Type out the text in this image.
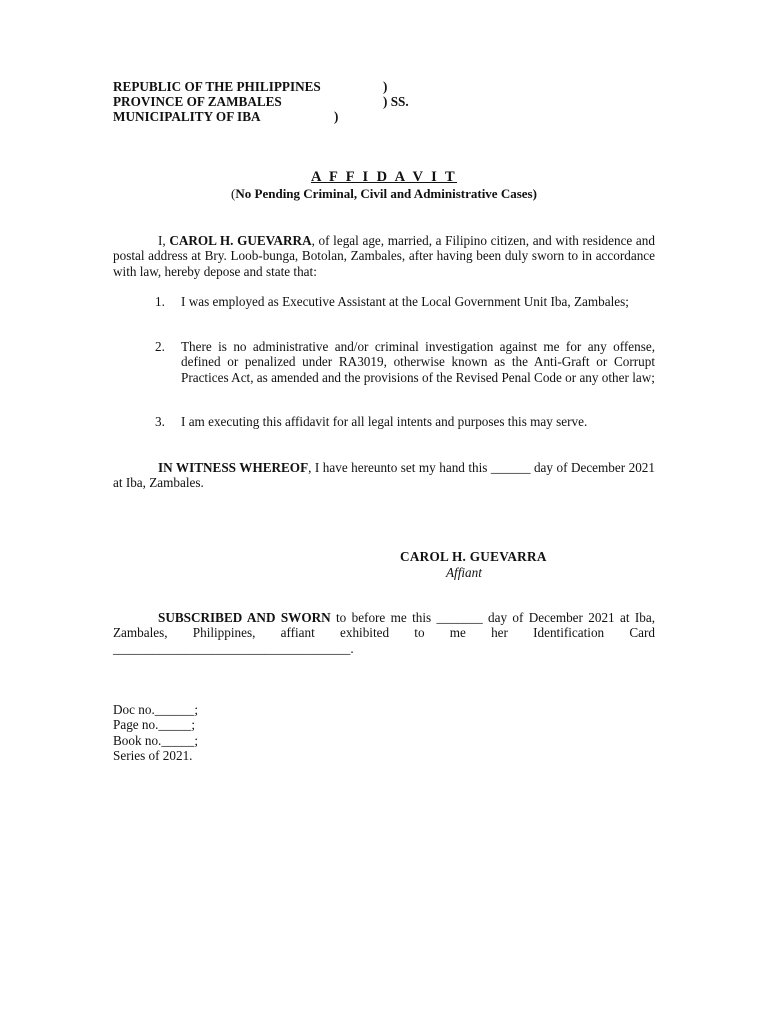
REPUBLIC OF THE PHILIPPINES	)
PROVINCE OF ZAMBALES	) SS.
MUNICIPALITY OF IBA	)
A F F I D A V I T
(No Pending Criminal, Civil and Administrative Cases)
I, CAROL H. GUEVARRA, of legal age, married, a Filipino citizen, and with residence and postal address at Bry. Loob-bunga, Botolan, Zambales, after having been duly sworn to in accordance with law, hereby depose and state that:
1. I was employed as Executive Assistant at the Local Government Unit Iba, Zambales;
2. There is no administrative and/or criminal investigation against me for any offense, defined or penalized under RA3019, otherwise known as the Anti-Graft or Corrupt Practices Act, as amended and the provisions of the Revised Penal Code or any other law;
3. I am executing this affidavit for all legal intents and purposes this may serve.
IN WITNESS WHEREOF, I have hereunto set my hand this ______ day of December 2021 at Iba, Zambales.
CAROL H. GUEVARRA
Affiant
SUBSCRIBED AND SWORN to before me this _______ day of December 2021 at Iba, Zambales, Philippines, affiant exhibited to me her Identification Card ____________________________________.
Doc no.______;
Page no._____;
Book no._____;
Series of 2021.
